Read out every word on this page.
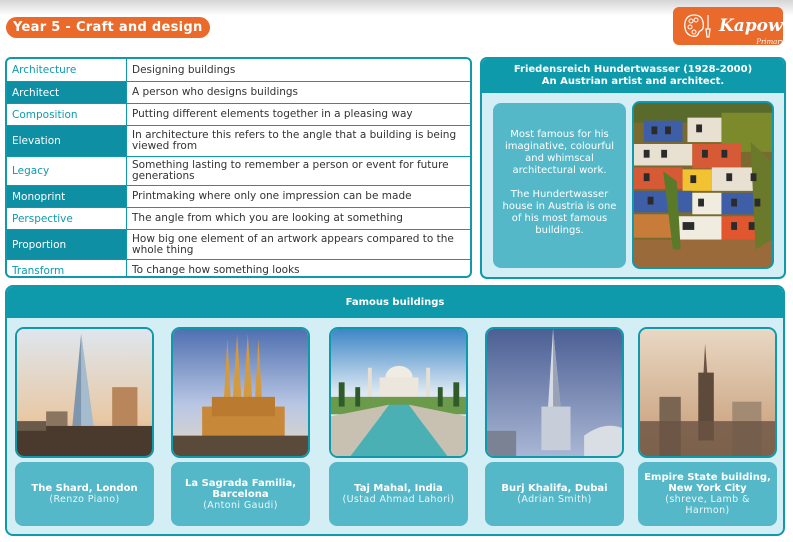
Year 5 - Craft and design	Kapow
Primary
Architecture	Designing buildings
Architect	A person who designs buildings
Composition	Putting different elements together in a pleasing way
Elevation	In architecture this refers to the angle that a building is being viewed from
Legacy	Something lasting to remember a person or event for future generations
Monoprint	Printmaking where only one impression can be made
Perspective	The angle from which you are looking at something
Proportion	How big one element of an artwork appears compared to the whole thing
Transform	To change how something looks
Friedensreich Hundertwasser (1928-2000)
An Austrian artist and architect.

Most famous for his imaginative, colourful and whimscal architectural work.

The Hundertwasser house in Austria is one of his most famous buildings.

Famous buildings
The Shard, London
(Renzo Piano)
La Sagrada Familia, Barcelona
(Antoni Gaudi)
Taj Mahal, India
(Ustad Ahmad Lahori)
Burj Khalifa, Dubai
(Adrian Smith)
Empire State building, New York City
(shreve, Lamb & Harmon)
